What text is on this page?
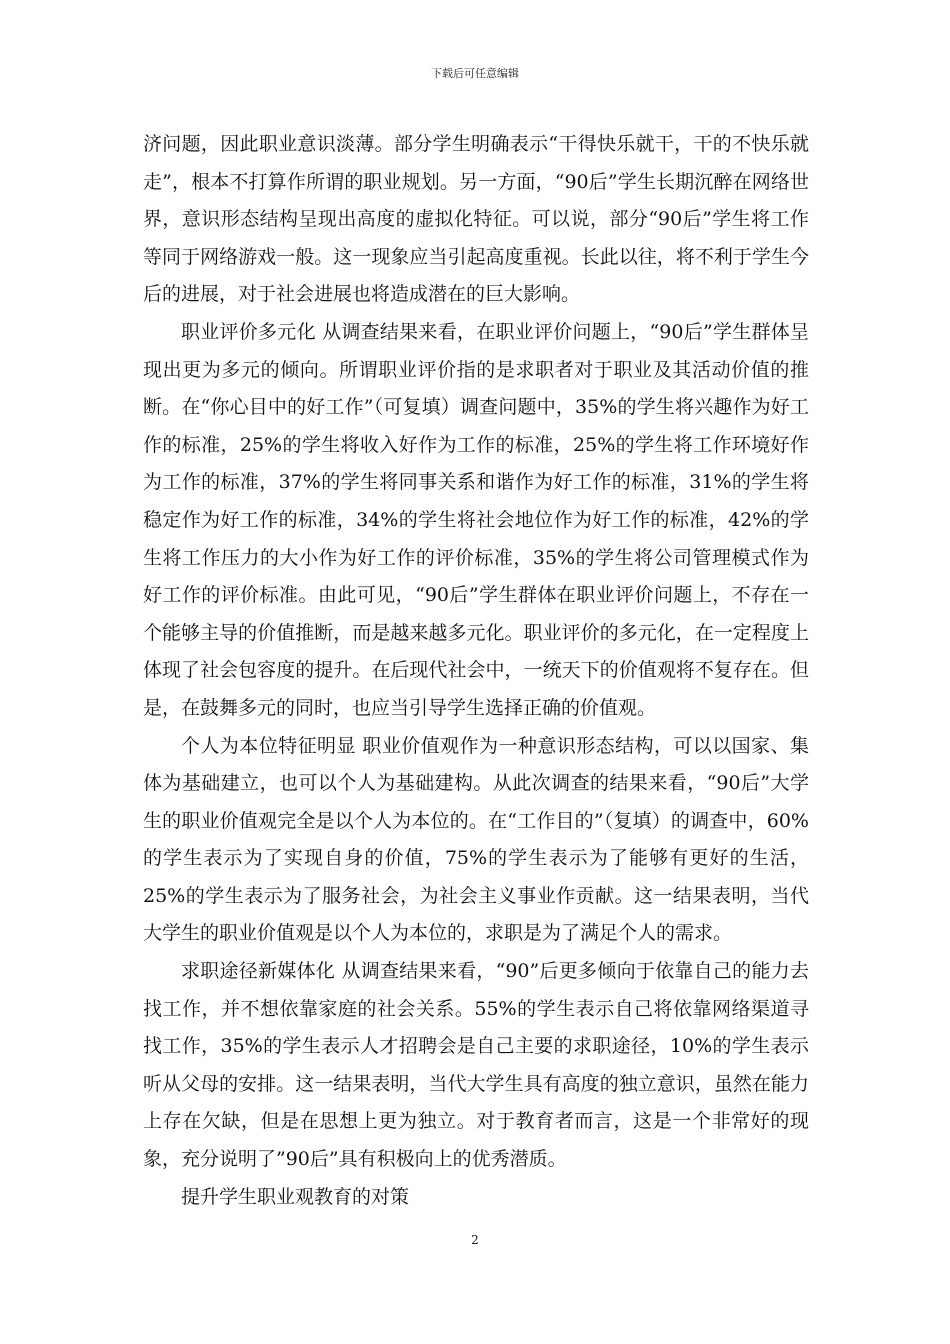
下载后可任意编辑

济问题，因此职业意识淡薄。部分学生明确表示“干得快乐就干，干的不快乐就走”，根本不打算作所谓的职业规划。另一方面，“90后”学生长期沉醉在网络世界，意识形态结构呈现出高度的虚拟化特征。可以说，部分“90后”学生将工作等同于网络游戏一般。这一现象应当引起高度重视。长此以往，将不利于学生今后的进展，对于社会进展也将造成潜在的巨大影响。

职业评价多元化 从调查结果来看，在职业评价问题上，“90后”学生群体呈现出更为多元的倾向。所谓职业评价指的是求职者对于职业及其活动价值的推断。在“你心目中的好工作”（可复填）调查问题中，35%的学生将兴趣作为好工作的标准，25%的学生将收入好作为工作的标准，25%的学生将工作环境好作为工作的标准，37%的学生将同事关系和谐作为好工作的标准，31%的学生将稳定作为好工作的标准，34%的学生将社会地位作为好工作的标准，42%的学生将工作压力的大小作为好工作的评价标准，35%的学生将公司管理模式作为好工作的评价标准。由此可见，“90后”学生群体在职业评价问题上，不存在一个能够主导的价值推断，而是越来越多元化。职业评价的多元化，在一定程度上体现了社会包容度的提升。在后现代社会中，一统天下的价值观将不复存在。但是，在鼓舞多元的同时，也应当引导学生选择正确的价值观。

个人为本位特征明显 职业价值观作为一种意识形态结构，可以以国家、集体为基础建立，也可以个人为基础建构。从此次调查的结果来看，“90后”大学生的职业价值观完全是以个人为本位的。在“工作目的”（复填）的调查中，60%的学生表示为了实现自身的价值，75%的学生表示为了能够有更好的生活，25%的学生表示为了服务社会，为社会主义事业作贡献。这一结果表明，当代大学生的职业价值观是以个人为本位的，求职是为了满足个人的需求。

求职途径新媒体化 从调查结果来看，“90”后更多倾向于依靠自己的能力去找工作，并不想依靠家庭的社会关系。55%的学生表示自己将依靠网络渠道寻找工作，35%的学生表示人才招聘会是自己主要的求职途径，10%的学生表示听从父母的安排。这一结果表明，当代大学生具有高度的独立意识，虽然在能力上存在欠缺，但是在思想上更为独立。对于教育者而言，这是一个非常好的现象，充分说明了”90后”具有积极向上的优秀潜质。

提升学生职业观教育的对策

2
